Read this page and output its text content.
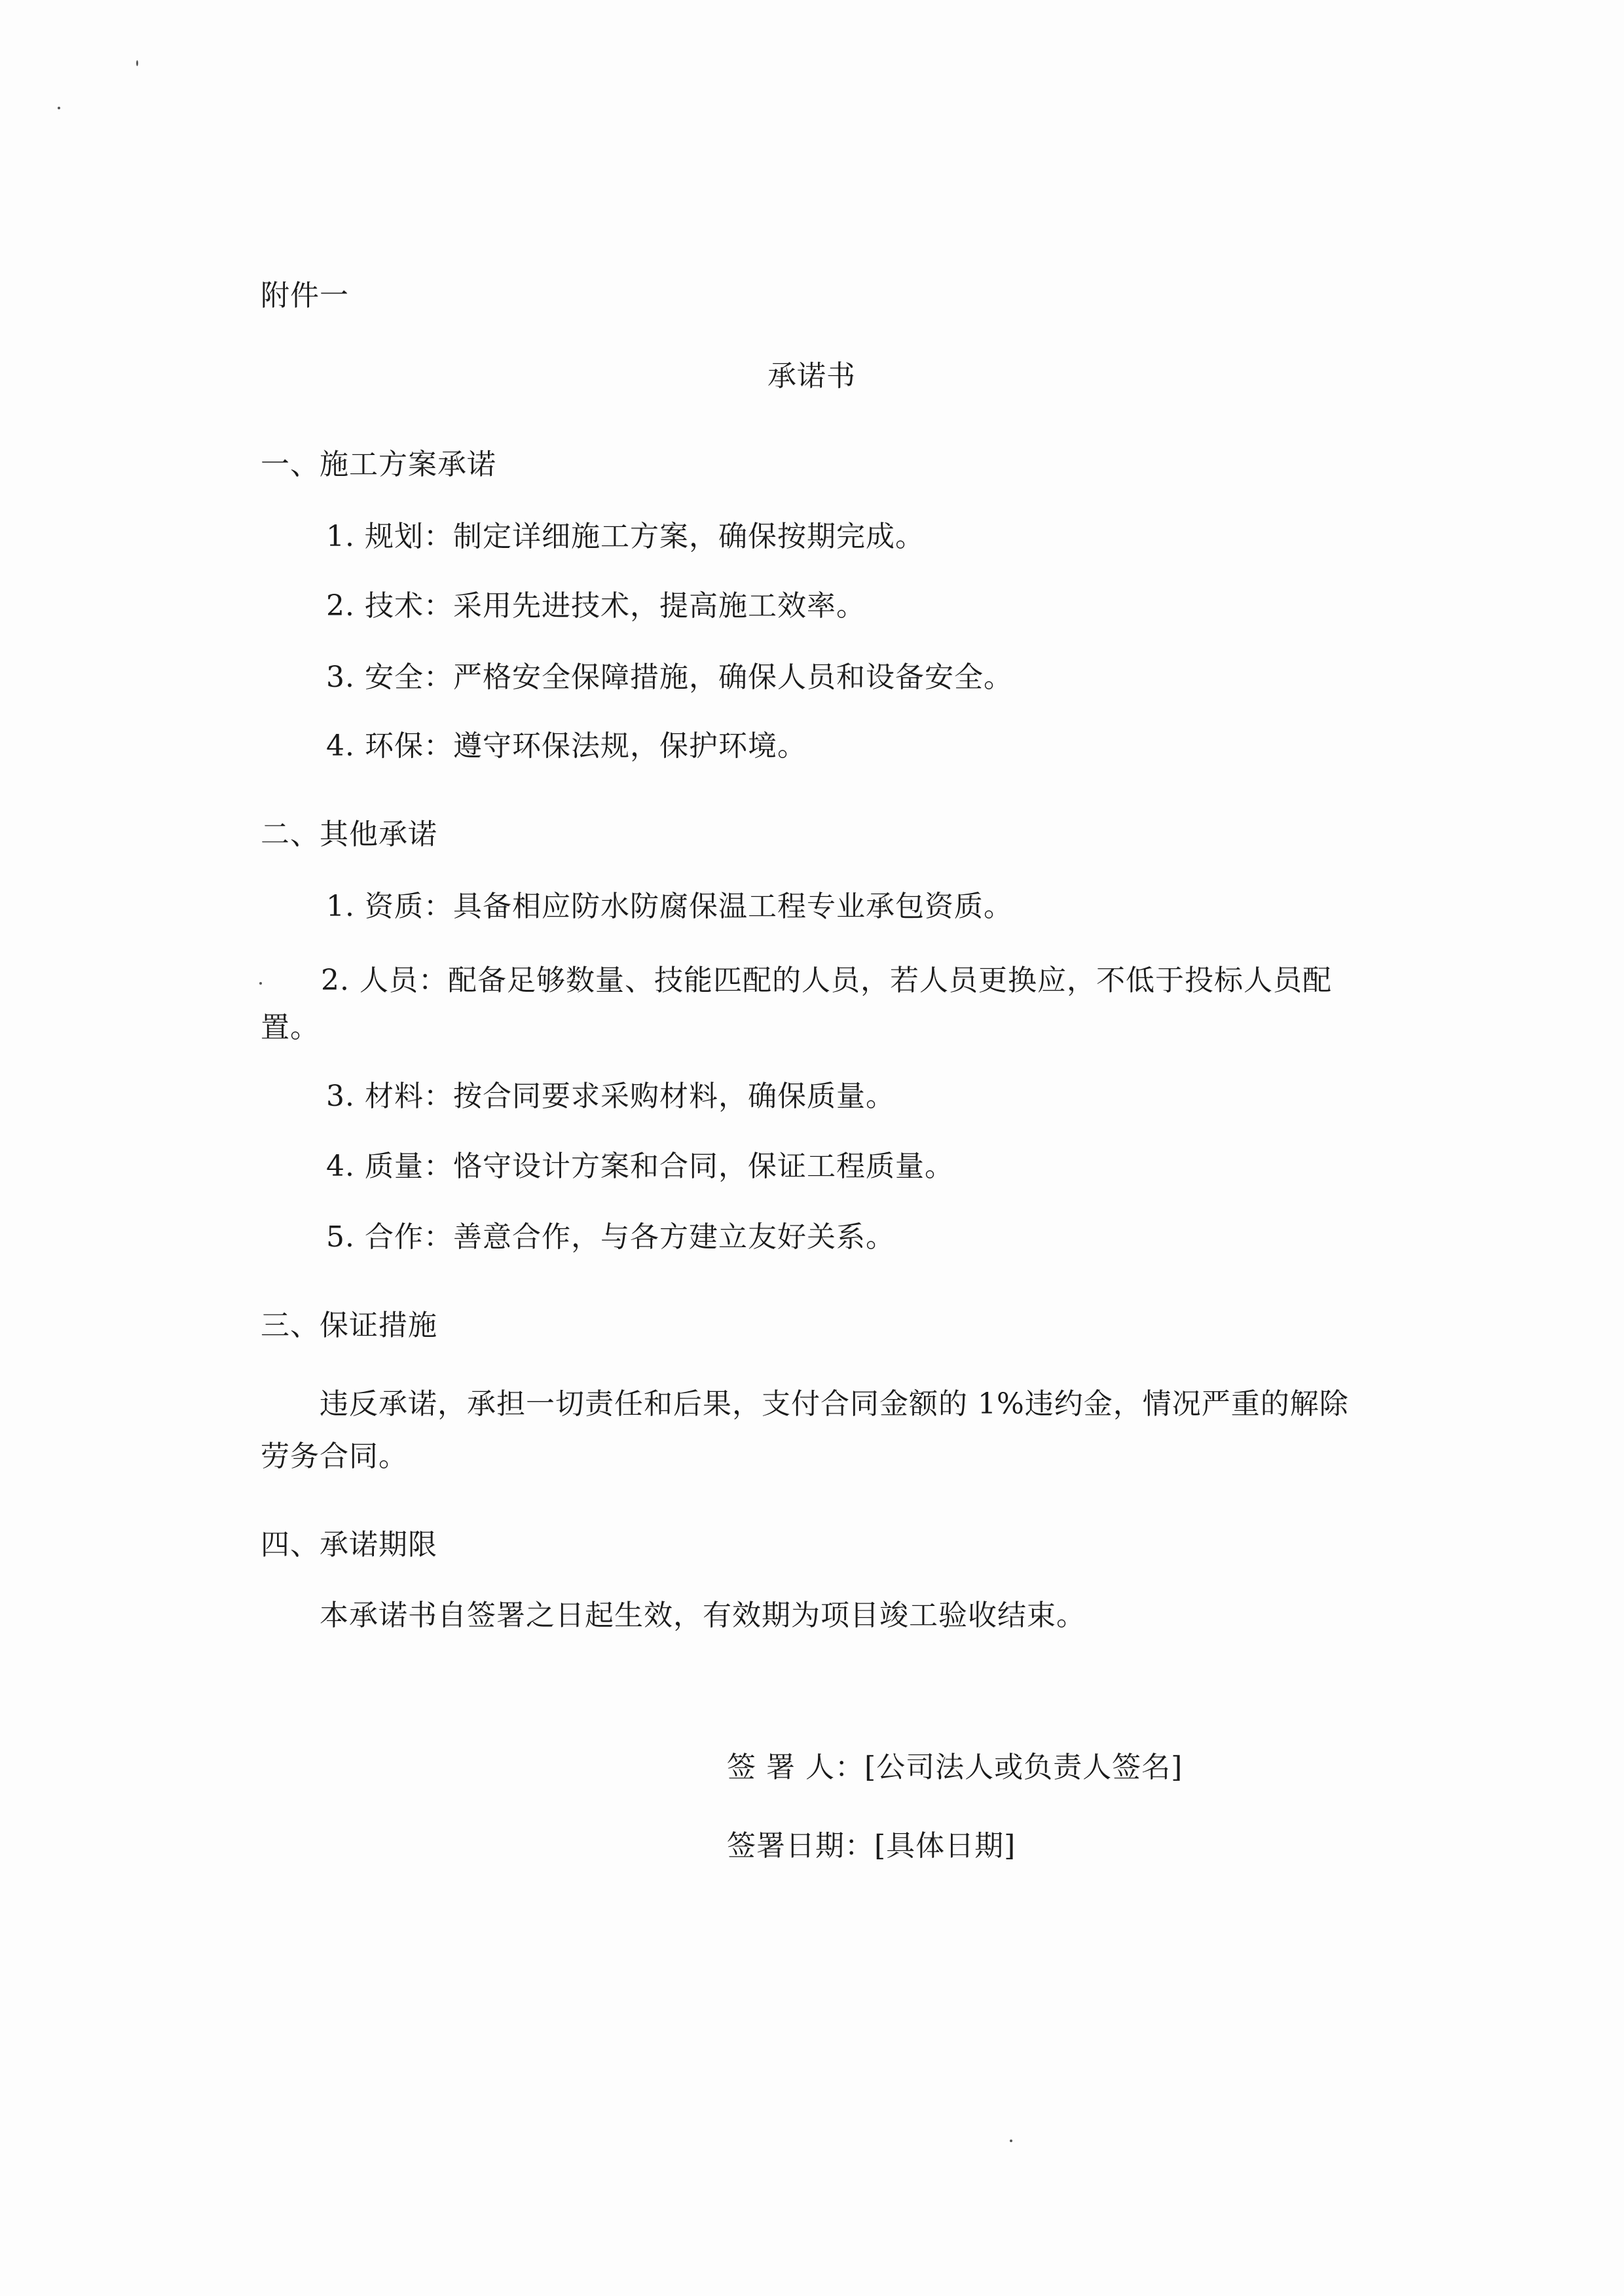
附件一
承诺书
一、施工方案承诺
1. 规划：制定详细施工方案，确保按期完成。
2. 技术：采用先进技术，提高施工效率。
3. 安全：严格安全保障措施，确保人员和设备安全。
4. 环保：遵守环保法规，保护环境。
二、其他承诺
1. 资质：具备相应防水防腐保温工程专业承包资质。
2. 人员：配备足够数量、技能匹配的人员，若人员更换应，不低于投标人员配置。
3. 材料：按合同要求采购材料，确保质量。
4. 质量：恪守设计方案和合同，保证工程质量。
5. 合作：善意合作，与各方建立友好关系。
三、保证措施
违反承诺，承担一切责任和后果，支付合同金额的 1%违约金，情况严重的解除劳务合同。
四、承诺期限
本承诺书自签署之日起生效，有效期为项目竣工验收结束。
签 署 人：[公司法人或负责人签名]
签署日期：[具体日期]
